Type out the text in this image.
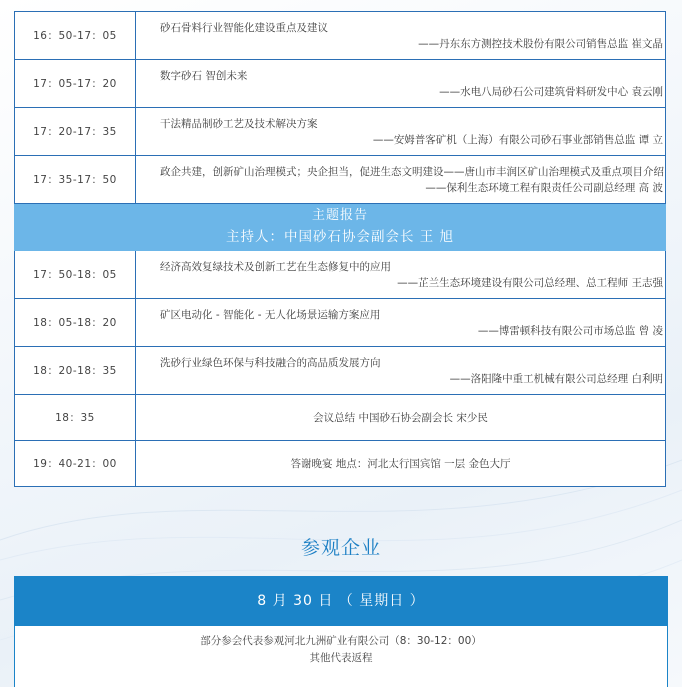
16：50-17：05	砂石骨料行业智能化建设重点及建议
——丹东东方测控技术股份有限公司销售总监 崔文晶

17：05-17：20	数字砂石 智创未来
——水电八局砂石公司建筑骨料研发中心 袁云刚

17：20-17：35	干法精品制砂工艺及技术解决方案
——安姆普客矿机（上海）有限公司砂石事业部销售总监 谭 立

17：35-17：50	政企共建，创新矿山治理模式；央企担当，促进生态文明建设——唐山市丰润区矿山治理模式及重点项目介绍
——保利生态环境工程有限责任公司副总经理 高 波

主题报告
主持人：中国砂石协会副会长 王 旭	

17：50-18：05	经济高效复绿技术及创新工艺在生态修复中的应用
——芷兰生态环境建设有限公司总经理、总工程师 王志强

18：05-18：20	矿区电动化 - 智能化 - 无人化场景运输方案应用
——博雷顿科技有限公司市场总监 曾 凌

18：20-18：35	洗砂行业绿色环保与科技融合的高品质发展方向
——洛阳隆中重工机械有限公司总经理 白利明

18：35	会议总结 中国砂石协会副会长 宋少民
19：40-21：00	答谢晚宴 地点：河北太行国宾馆 一层 金色大厅
参观企业
8 月 30 日 （ 星期日 ）
部分参会代表参观河北九洲矿业有限公司（8：30-12：00）
其他代表返程
